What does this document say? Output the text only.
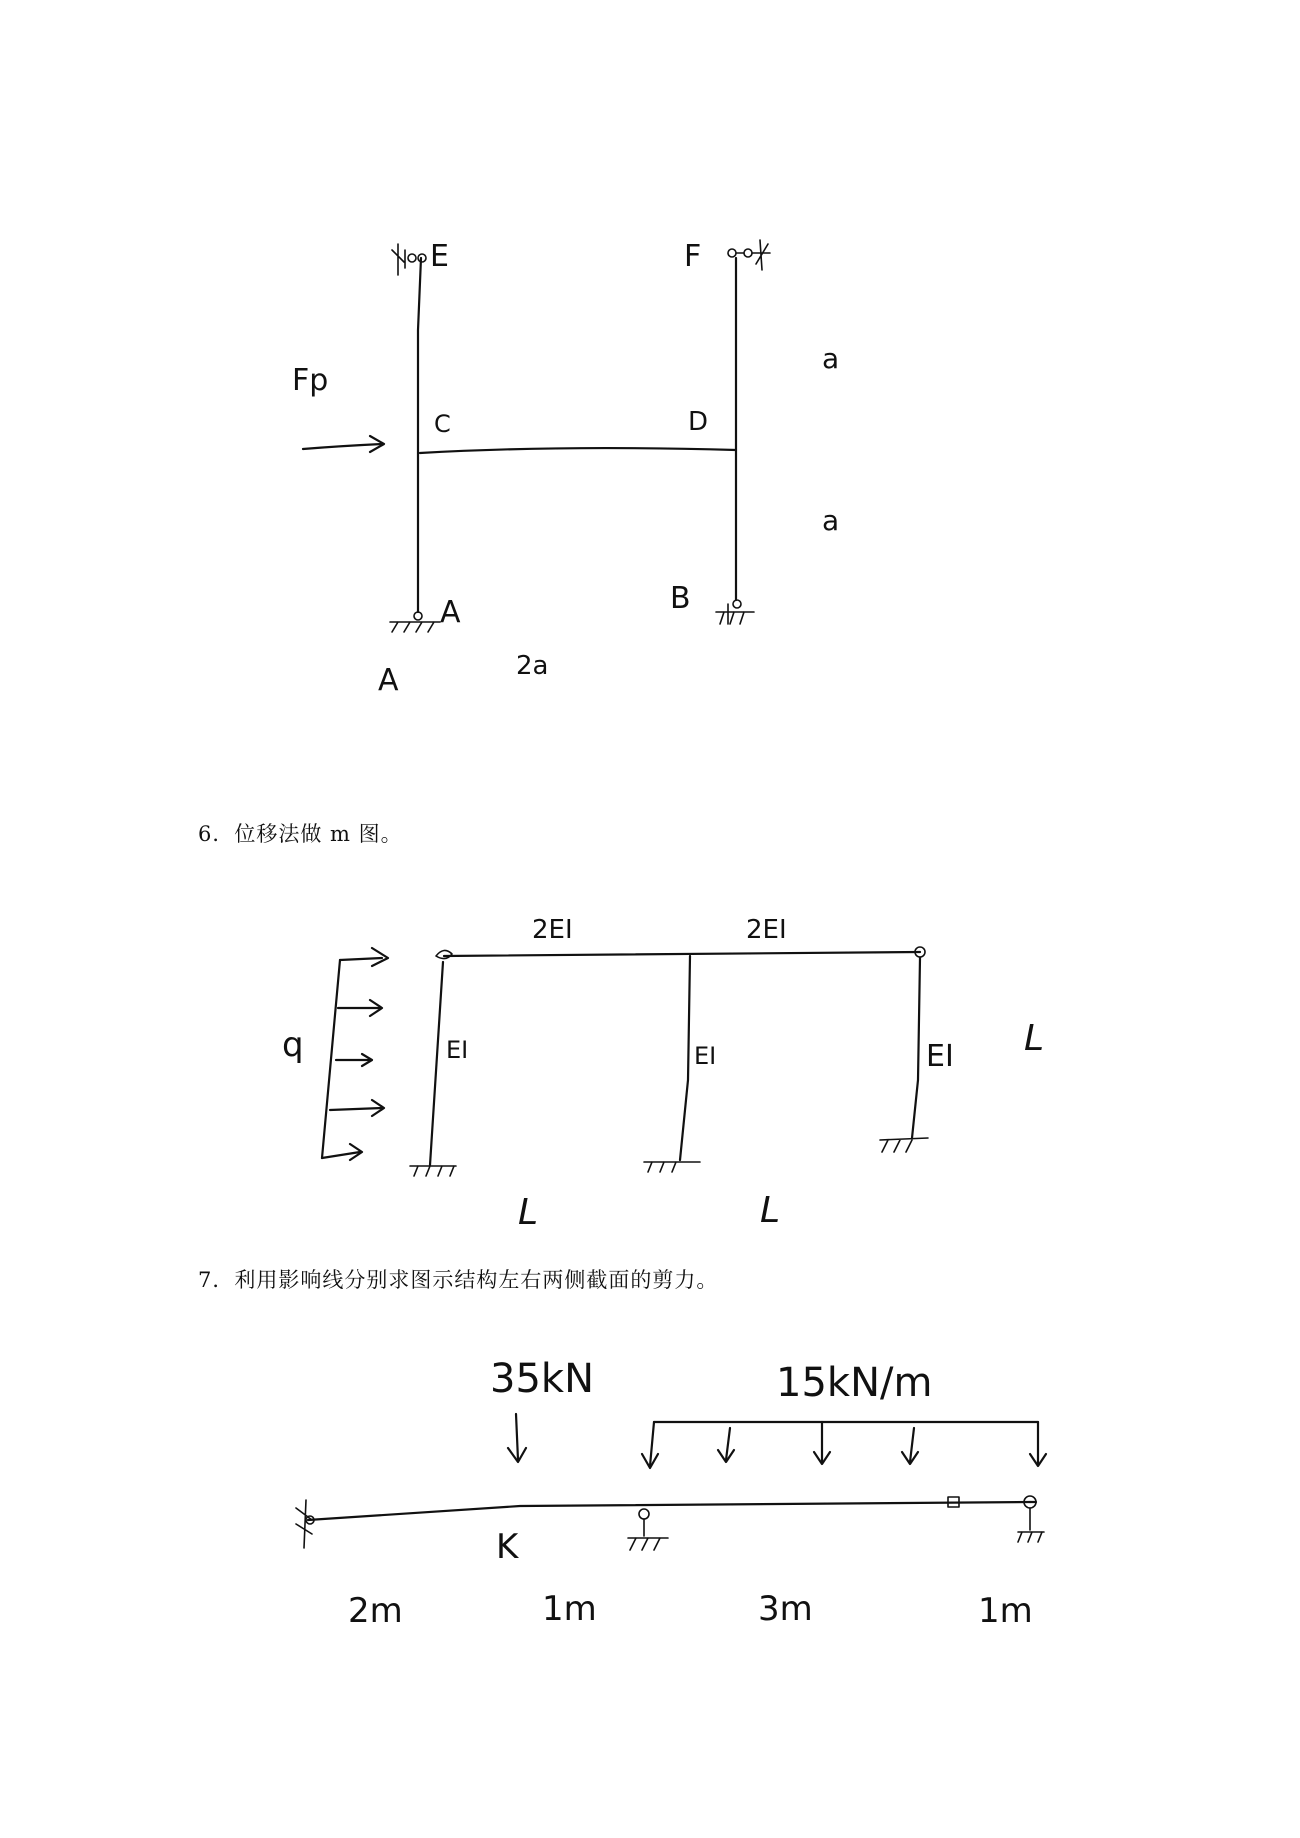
E	F
Fp
C	D
a
a
B
A
A	2a
6．位移法做 m 图。
2EI	2EI
q	EI	EI	EI L
L	L
7．利用影响线分别求图示结构左右两侧截面的剪力。
35kN	15kN/m
K
2m	1m	3m	1m
